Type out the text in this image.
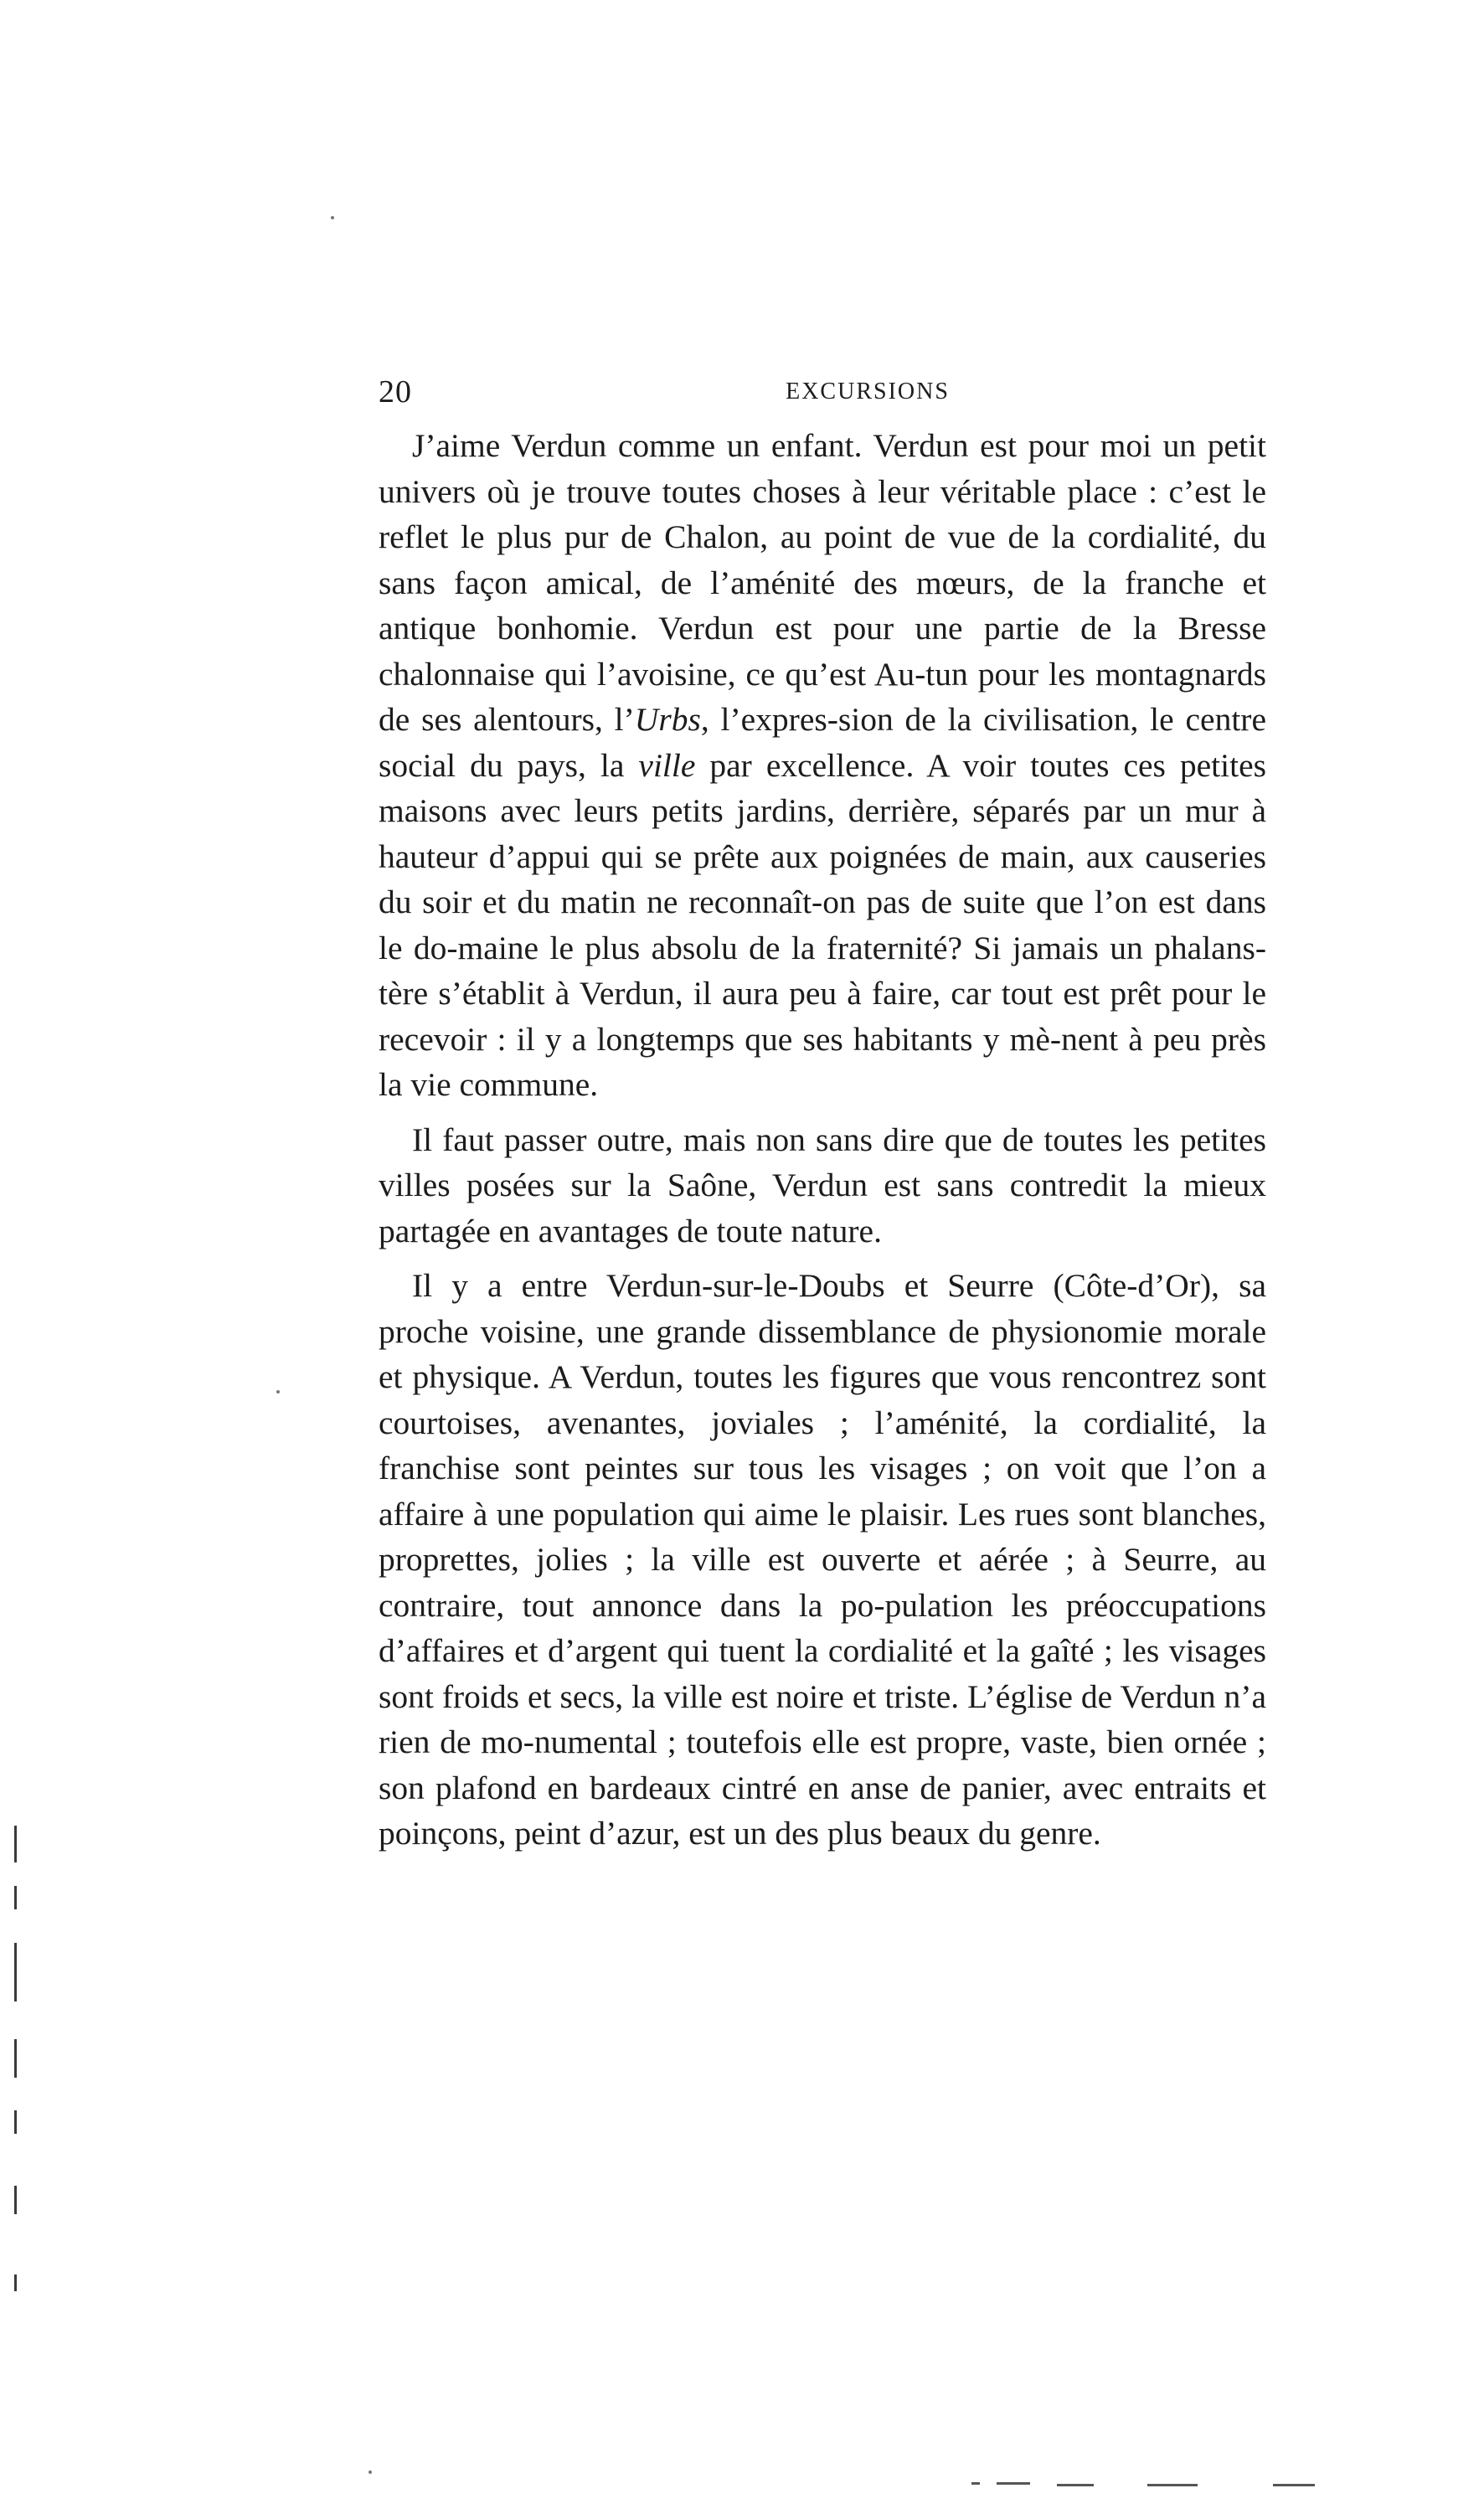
20	EXCURSIONS

J’aime Verdun comme un enfant. Verdun est pour moi un petit univers où je trouve toutes choses à leur véritable place : c’est le reflet le plus pur de Chalon, au point de vue de la cordialité, du sans façon amical, de l’aménité des mœurs, de la franche et antique bonhomie. Verdun est pour une partie de la Bresse chalonnaise qui l’avoisine, ce qu’est Au-tun pour les montagnards de ses alentours, l’Urbs, l’expres-sion de la civilisation, le centre social du pays, la ville par excellence. A voir toutes ces petites maisons avec leurs petits jardins, derrière, séparés par un mur à hauteur d’appui qui se prête aux poignées de main, aux causeries du soir et du matin ne reconnaît-on pas de suite que l’on est dans le do-maine le plus absolu de la fraternité? Si jamais un phalans-tère s’établit à Verdun, il aura peu à faire, car tout est prêt pour le recevoir : il y a longtemps que ses habitants y mè-nent à peu près la vie commune.

Il faut passer outre, mais non sans dire que de toutes les petites villes posées sur la Saône, Verdun est sans contredit la mieux partagée en avantages de toute nature.

Il y a entre Verdun-sur-le-Doubs et Seurre (Côte-d’Or), sa proche voisine, une grande dissemblance de physionomie morale et physique. A Verdun, toutes les figures que vous rencontrez sont courtoises, avenantes, joviales ; l’aménité, la cordialité, la franchise sont peintes sur tous les visages ; on voit que l’on a affaire à une population qui aime le plaisir. Les rues sont blanches, proprettes, jolies ; la ville est ouverte et aérée ; à Seurre, au contraire, tout annonce dans la po-pulation les préoccupations d’affaires et d’argent qui tuent la cordialité et la gaîté ; les visages sont froids et secs, la ville est noire et triste. L’église de Verdun n’a rien de mo-numental ; toutefois elle est propre, vaste, bien ornée ; son plafond en bardeaux cintré en anse de panier, avec entraits et poinçons, peint d’azur, est un des plus beaux du genre.
